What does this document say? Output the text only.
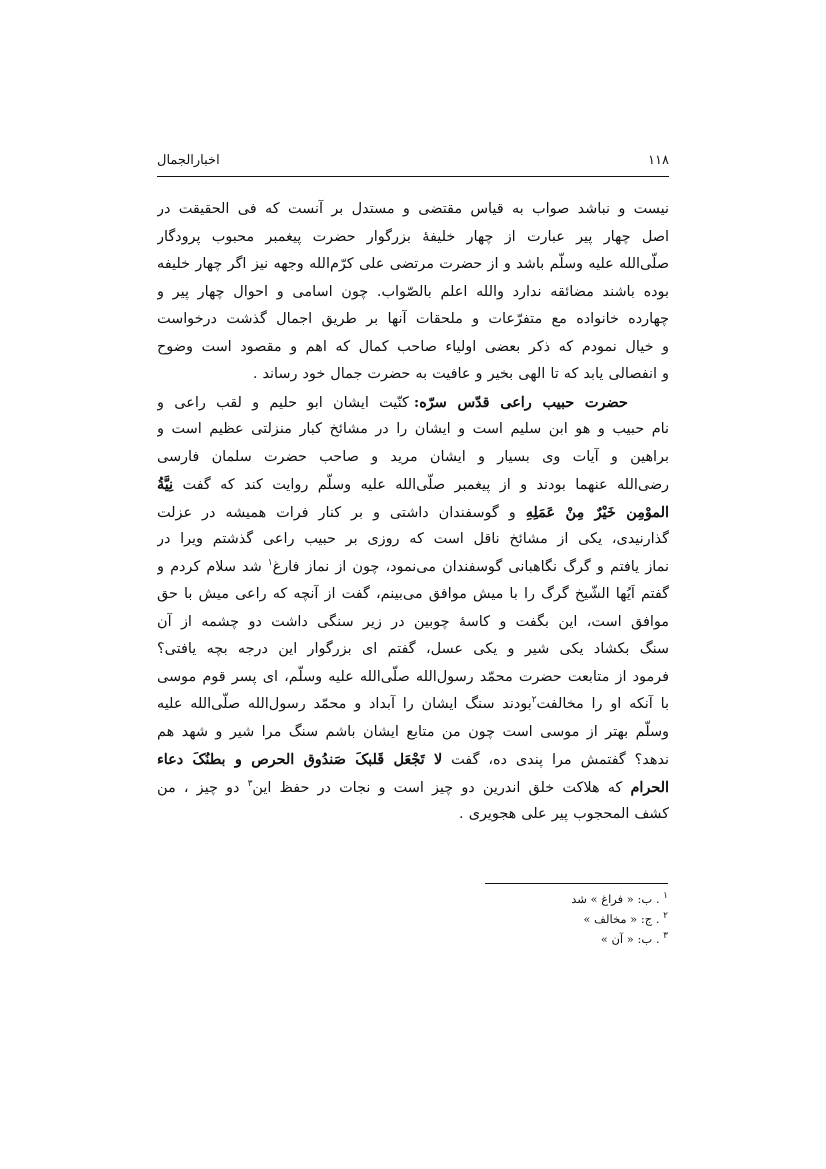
۱۱۸
اخبارالجمال
نیست و نباشد صواب به قیاس مقتضی و مستدل بر آنست که فی الحقیقت در
اصل چهار پیر عبارت از چهار خلیفهٔ بزرگوار حضرت پیغمبر محبوب پرودگار
صلّی‌الله علیه وسلّم باشد و از حضرت مرتضی علی کرّم‌الله وجهه نیز اگر چهار خلیفه
بوده باشند مضائقه ندارد والله اعلم بالصّواب. چون اسامی و احوال چهار پیر و
چهارده خانواده مع متفرّعات و ملحقات آنها بر طریق اجمال گذشت درخواست
و خیال نمودم که ذکر بعضی اولیاء صاحب کمال که اهم و مقصود است وضوح
و انفصالی یابد که تا الهی بخیر و عافیت به حضرت جمال خود رساند .
حضرت حبیب راعی قدّس سرّه: کنّیت ایشان ابو حلیم و لقب راعی و
نام حبیب و هو ابن سلیم است و ایشان را در مشائخ کبار منزلتی عظیم است و
براهین و آیات وی بسیار و ایشان مرید و صاحب حضرت سلمان فارسی
رضی‌الله عنهما بودند و از پیغمبر صلّی‌الله علیه وسلّم روایت کند که گفت نِیَّةُ
الموْمِن خَیْرٌ مِنْ عَمَلِهِ و گوسفندان داشتی و بر کنار فرات همیشه در عزلت
گذارنیدی، یکی از مشائخ ناقل است که روزی بر حبیب راعی گذشتم ویرا در
نماز یافتم و گرگ نگاهبانی گوسفندان می‌نمود، چون از نماز فارغ$^۱$ شد سلام کردم و
گفتم اَیُها الشّیخ گرگ را با میش موافق می‌بینم، گفت از آنچه که راعی میش با حق
موافق است، این بگفت و کاسهٔ چوبین در زیر سنگی داشت دو چشمه از آن
سنگ بکشاد یکی شیر و یکی عسل، گفتم ای بزرگوار این درجه بچه یافتی؟
فرمود از متابعت حضرت محمّد رسول‌الله صلّی‌الله علیه وسلّم، ای پسر قوم موسی
با آنکه او را مخالفت$^۲$بودند سنگ ایشان را آبداد و محمّد رسول‌الله صلّی‌الله علیه
وسلّم بهتر از موسی است چون من متابع ایشان باشم سنگ مرا شیر و شهد هم
ندهد؟ گفتمش مرا پندی ده، گفت لا تَجْعَل قَلبکَ صَندُوق الحرص و بطنُکَ دعاء
الحرام که هلاکت خلق اندرین دو چیز است و نجات در حفظ این$^۳$ دو چیز ، من
کشف المحجوب پیر علی هجویری .
$^۱$ . ب: « فراغ » شد
$^۲$ . ج: « مخالف »
$^۳$ . ب: « آن »
